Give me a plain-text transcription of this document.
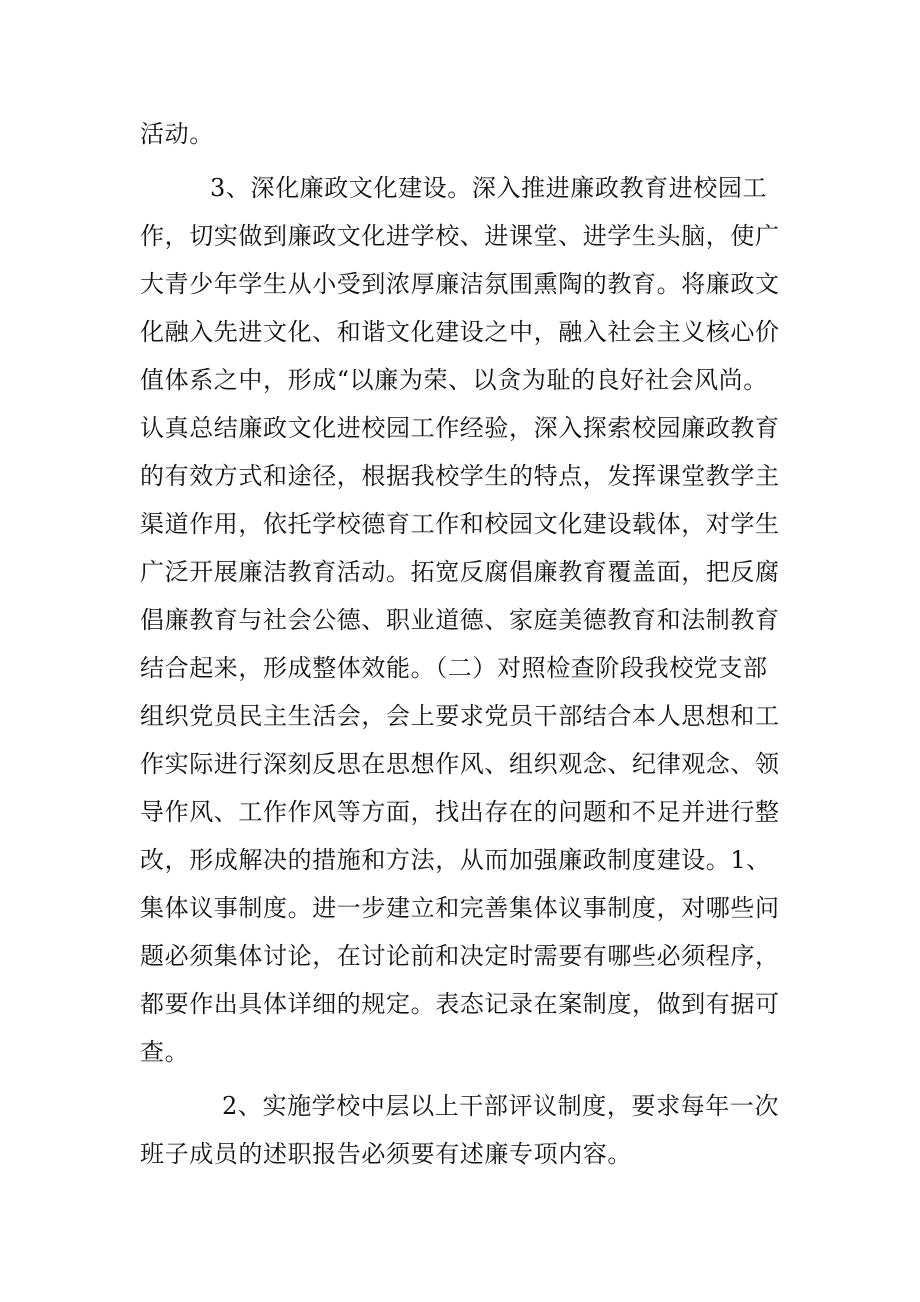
活动。
3、深化廉政文化建设。深入推进廉政教育进校园工
作，切实做到廉政文化进学校、进课堂、进学生头脑，使广
大青少年学生从小受到浓厚廉洁氛围熏陶的教育。将廉政文
化融入先进文化、和谐文化建设之中，融入社会主义核心价
值体系之中，形成“以廉为荣、以贪为耻的良好社会风尚。
认真总结廉政文化进校园工作经验，深入探索校园廉政教育
的有效方式和途径，根据我校学生的特点，发挥课堂教学主
渠道作用，依托学校德育工作和校园文化建设载体，对学生
广泛开展廉洁教育活动。拓宽反腐倡廉教育覆盖面，把反腐
倡廉教育与社会公德、职业道德、家庭美德教育和法制教育
结合起来，形成整体效能。（二）对照检查阶段我校党支部
组织党员民主生活会，会上要求党员干部结合本人思想和工
作实际进行深刻反思在思想作风、组织观念、纪律观念、领
导作风、工作作风等方面，找出存在的问题和不足并进行整
改，形成解决的措施和方法，从而加强廉政制度建设。1、
集体议事制度。进一步建立和完善集体议事制度，对哪些问
题必须集体讨论，在讨论前和决定时需要有哪些必须程序，
都要作出具体详细的规定。表态记录在案制度，做到有据可
查。
2、实施学校中层以上干部评议制度，要求每年一次
班子成员的述职报告必须要有述廉专项内容。
